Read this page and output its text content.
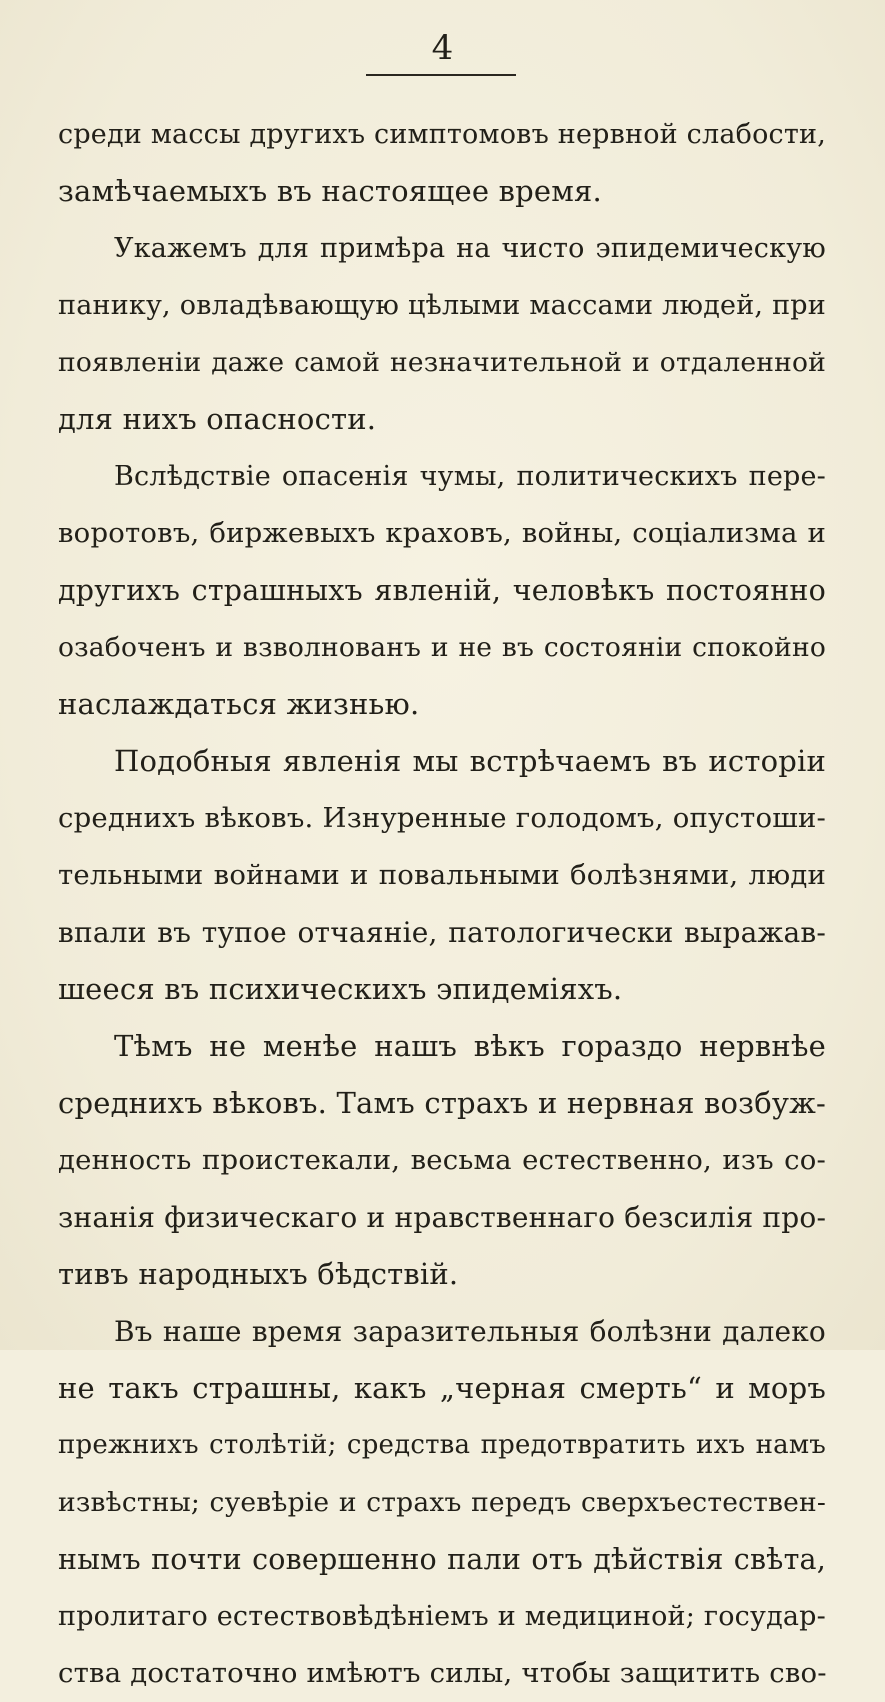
4
среди массы другихъ симптомовъ нервной слабости,
замѣчаемыхъ въ настоящее время.
Укажемъ для примѣра на чисто эпидемическую
панику, овладѣвающую цѣлыми массами людей, при
появленіи даже самой незначительной и отдаленной
для нихъ опасности.
Вслѣдствіе опасенія чумы, политическихъ пере-
воротовъ, биржевыхъ краховъ, войны, соціализма и
другихъ страшныхъ явленій, человѣкъ постоянно
озабоченъ и взволнованъ и не въ состояніи спокойно
наслаждаться жизнью.
Подобныя явленія мы встрѣчаемъ въ исторіи
среднихъ вѣковъ. Изнуренные голодомъ, опустоши-
тельными войнами и повальными болѣзнями, люди
впали въ тупое отчаяніе, патологически выражав-
шееся въ психическихъ эпидеміяхъ.
Тѣмъ не менѣе нашъ вѣкъ гораздо нервнѣе
среднихъ вѣковъ. Тамъ страхъ и нервная возбуж-
денность проистекали, весьма естественно, изъ со-
знанія физическаго и нравственнаго безсилія про-
тивъ народныхъ бѣдствій.
Въ наше время заразительныя болѣзни далеко
не такъ страшны, какъ „черная смерть“ и моръ
прежнихъ столѣтій; средства предотвратить ихъ намъ
извѣстны; суевѣріе и страхъ передъ сверхъестествен-
нымъ почти совершенно пали отъ дѣйствія свѣта,
пролитаго естествовѣдѣніемъ и медициной; государ-
ства достаточно имѣютъ силы, чтобы защитить сво-
